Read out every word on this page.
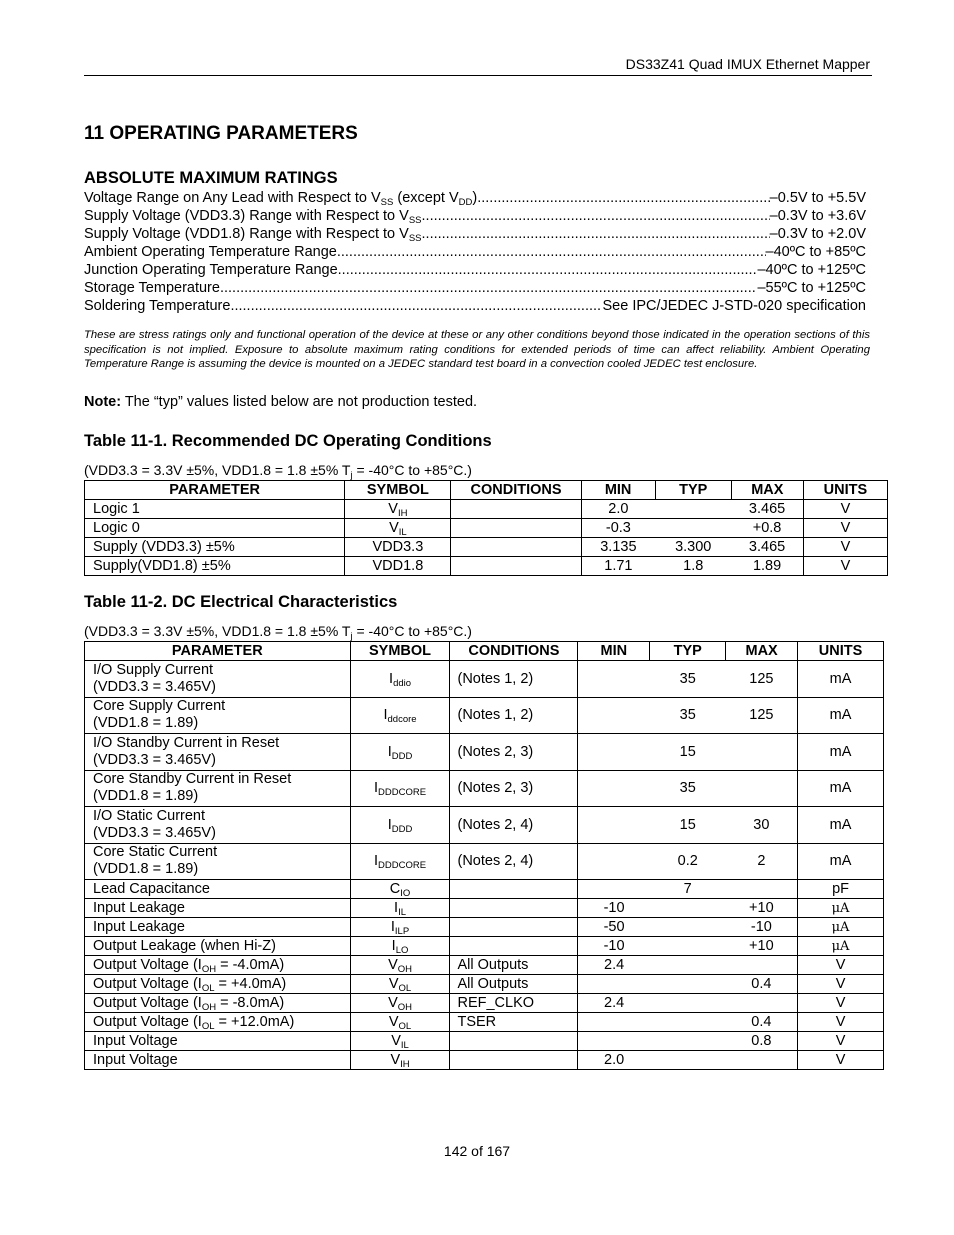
DS33Z41 Quad IMUX Ethernet Mapper
11 OPERATING PARAMETERS
ABSOLUTE MAXIMUM RATINGS
Voltage Range on Any Lead with Respect to $V_{SS}$ (except $V_{DD}$) .....	–0.5V to +5.5V
Supply Voltage (VDD3.3) Range with Respect to $V_{SS}$ .....	–0.3V to +3.6V
Supply Voltage (VDD1.8) Range with Respect to $V_{SS}$ .....	–0.3V to +2.0V
Ambient Operating Temperature Range .....	–40ºC to +85ºC
Junction Operating Temperature Range .....	–40ºC to +125ºC
Storage Temperature .....	–55ºC to +125ºC
Soldering Temperature .....	See IPC/JEDEC J-STD-020 specification
These are stress ratings only and functional operation of the device at these or any other conditions beyond those indicated in the operation sections of this specification is not implied. Exposure to absolute maximum rating conditions for extended periods of time can affect reliability. Ambient Operating Temperature Range is assuming the device is mounted on a JEDEC standard test board in a convection cooled JEDEC test enclosure.
Note: The “typ” values listed below are not production tested.
Table 11-1. Recommended DC Operating Conditions
(VDD3.3 = 3.3V ±5%, VDD1.8 = 1.8 ±5% $T_j = -40^\circ C$ to +85°C.)
PARAMETER	SYMBOL	CONDITIONS	MIN	TYP	MAX	UNITS
Logic 1	$V_{IH}$		2.0		3.465	V
Logic 0	$V_{IL}$		-0.3		+0.8	V
Supply (VDD3.3) ±5%	VDD3.3		3.135	3.300	3.465	V
Supply(VDD1.8) ±5%	VDD1.8		1.71	1.8	1.89	V
Table 11-2. DC Electrical Characteristics
(VDD3.3 = 3.3V ±5%, VDD1.8 = 1.8 ±5% $T_j = -40^\circ C$ to +85°C.)
PARAMETER	SYMBOL	CONDITIONS	MIN	TYP	MAX	UNITS

I/O Supply Current
(VDD3.3 = 3.465V)	$I_{ddio}$	(Notes 1, 2)		35	125	mA

Core Supply Current
(VDD1.8 = 1.89)	$I_{ddcore}$	(Notes 1, 2)		35	125	mA

I/O Standby Current in Reset
(VDD3.3 = 3.465V)	$I_{DDD}$	(Notes 2, 3)		15		mA

Core Standby Current in Reset
(VDD1.8 = 1.89)	$I_{DDDCORE}$	(Notes 2, 3)		35		mA

I/O Static Current
(VDD3.3 = 3.465V)	$I_{DDD}$	(Notes 2, 4)		15	30	mA

Core Static Current
(VDD1.8 = 1.89)	$I_{DDDCORE}$	(Notes 2, 4)		0.2	2	mA
Lead Capacitance	$C_{IO}$			7		pF
Input Leakage	$I_{IL}$		-10		+10	μA
Input Leakage	$I_{ILP}$		-50		-10	μA
Output Leakage (when Hi-Z)	$I_{LO}$		-10		+10	μA
Output Voltage $(I_{OH} = -4.0mA)$	$V_{OH}$	All Outputs	2.4			V
Output Voltage $(I_{OL} = +4.0mA)$	$V_{OL}$	All Outputs			0.4	V
Output Voltage $(I_{OH} = -8.0mA)$	$V_{OH}$	REF_CLKO	2.4			V
Output Voltage $(I_{OL} = +12.0mA)$	$V_{OL}$	TSER			0.4	V
Input Voltage	$V_{IL}$				0.8	V
Input Voltage	$V_{IH}$		2.0			V
142 of 167
